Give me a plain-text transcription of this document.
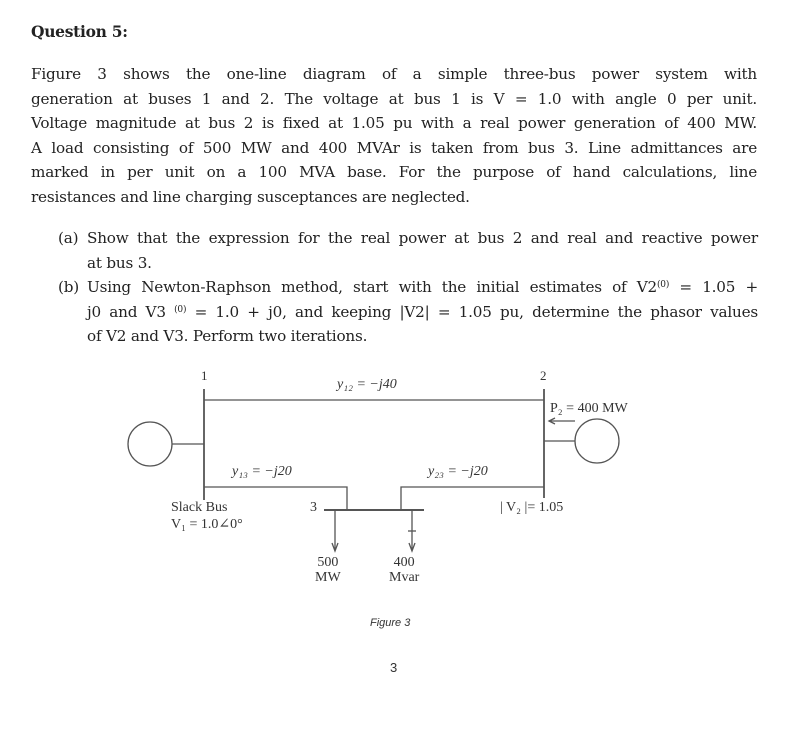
Question 5:
Figure 3 shows the one-line diagram of a simple three-bus power system with
generation at buses 1 and 2. The voltage at bus 1 is V = 1.0 with angle 0 per unit.
Voltage magnitude at bus 2 is fixed at 1.05 pu with a real power generation of 400 MW.
A load consisting of 500 MW and 400 MVAr is taken from bus 3. Line admittances are
marked in per unit on a 100 MVA base. For the purpose of hand calculations, line
resistances and line charging susceptances are neglected.
(a) Show that the expression for the real power at bus 2 and real and reactive power
at bus 3.
(b) Using Newton-Raphson method, start with the initial estimates of $V2^{(0)} = 1.05$ +
j0 and V3 $^{(0)}$ = 1.0 + j0, and keeping |V2| = 1.05 pu, determine the phasor values
of V2 and V3. Perform two iterations.
1	2
3
y₁₂ = −j40
y₁₃ = −j20	y₂₃ = −j20
P₂ = 400 MW
| V₂ |= 1.05
Slack Bus
V₁ = 1.0∠0°
500
MW
400
Mvar
Figure 3
3
